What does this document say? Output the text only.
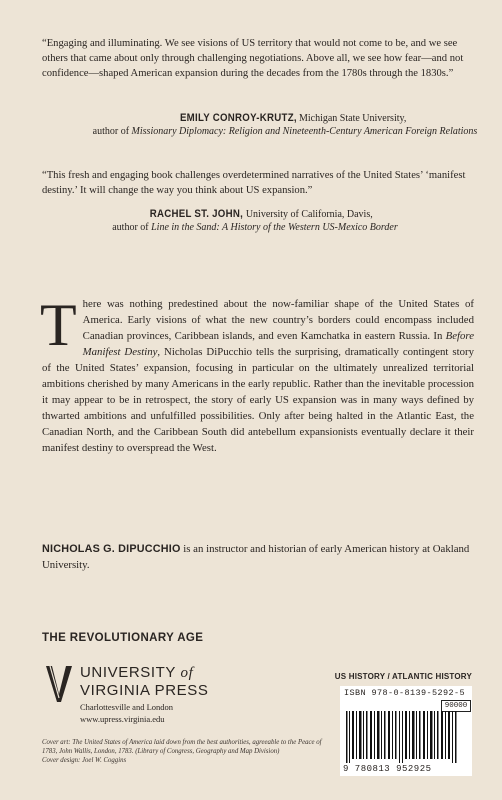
“Engaging and illuminating. We see visions of US territory that would not come to be, and we see others that came about only through challenging negotiations. Above all, we see how fear—and not confidence—shaped American expansion during the decades from the 1780s through the 1830s.”
EMILY CONROY-KRUTZ, Michigan State University,
author of Missionary Diplomacy: Religion and Nineteenth-Century American Foreign Relations
“This fresh and engaging book challenges overdetermined narratives of the United States’ ‘manifest destiny.’ It will change the way you think about US expansion.”
RACHEL ST. JOHN, University of California, Davis,
author of Line in the Sand: A History of the Western US-Mexico Border
There was nothing predestined about the now-familiar shape of the United States of America. Early visions of what the new country’s borders could encompass included Canadian provinces, Caribbean islands, and even Kamchatka in eastern Russia. In Before Manifest Destiny, Nicholas DiPucchio tells the surprising, dramatically contingent story of the United States’ expansion, focusing in particular on the ultimately unrealized territorial ambitions cherished by many Americans in the early republic. Rather than the inevitable procession it may appear to be in retrospect, the story of early US expansion was in many ways defined by thwarted ambitions and unfulfilled possibilities. Only after being halted in the Atlantic East, the Canadian North, and the Caribbean South did antebellum expansionists eventually declare it their manifest destiny to overspread the West.
NICHOLAS G. DIPUCCHIO is an instructor and historian of early American history at Oakland University.
THE REVOLUTIONARY AGE
UNIVERSITY of
VIRGINIA PRESS
Charlottesville and London
www.upress.virginia.edu
US HISTORY / ATLANTIC HISTORY
ISBN 978-0-8139-5292-5
90000
9 780813 952925
Cover art: The United States of America laid down from the best authorities, agreeable to the Peace of 1783, John Wallis, London, 1783. (Library of Congress, Geography and Map Division)
Cover design: Joel W. Coggins
